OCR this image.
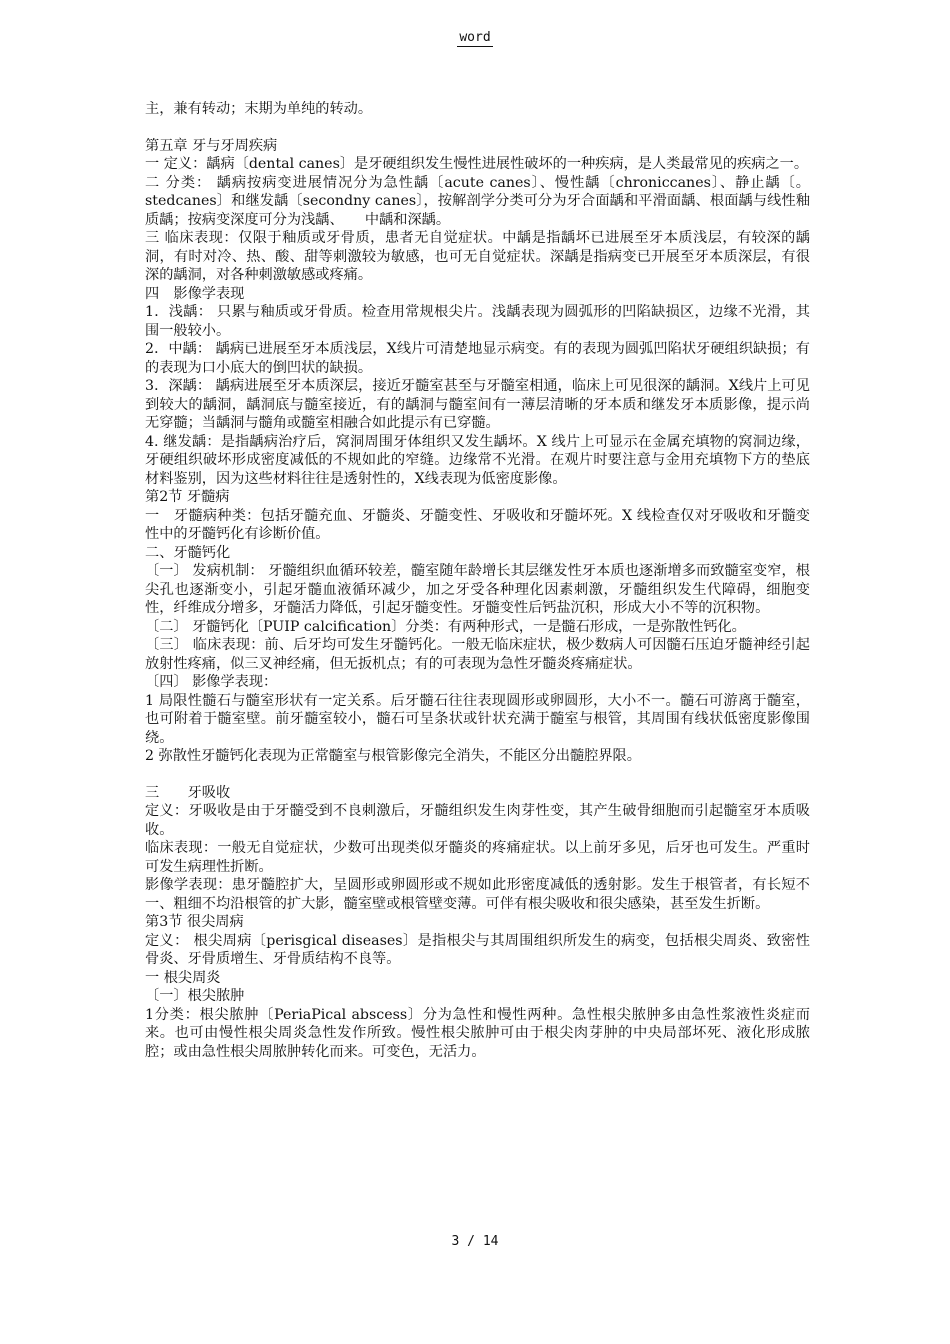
word

主，兼有转动；末期为单纯的转动。

第五章 牙与牙周疾病

一 定义：龋病〔dental canes〕是牙硬组织发生慢性进展性破坏的一种疾病，是人类最常见的疾病之一。

二 分类： 龋病按病变进展情况分为急性龋〔acute canes〕、慢性龋〔chroniccanes〕、静止龋〔。stedcanes〕和继发龋〔secondny canes〕，按解剖学分类可分为牙合面龋和平滑面龋、根面龋与线性釉质龋；按病变深度可分为浅龋、　　中龋和深龋。

三 临床表现：仅限于釉质或牙骨质，患者无自觉症状。中龋是指龋坏已进展至牙本质浅层，有较深的龋洞，有时对冷、热、酸、甜等刺激较为敏感，也可无自觉症状。深龋是指病变已开展至牙本质深层，有很深的龋洞，对各种刺激敏感或疼痛。

四　影像学表现

1．浅龋： 只累与釉质或牙骨质。检查用常规根尖片。浅龋表现为圆弧形的凹陷缺损区，边缘不光滑，其围一般较小。

2．中龋： 龋病已进展至牙本质浅层，X线片可清楚地显示病变。有的表现为圆弧凹陷状牙硬组织缺损；有的表现为口小底大的倒凹状的缺损。

3．深龋： 龋病进展至牙本质深层，接近牙髓室甚至与牙髓室相通，临床上可见很深的龋洞。X线片上可见到较大的龋洞，龋洞底与髓室接近，有的龋洞与髓室间有一薄层清晰的牙本质和继发牙本质影像，提示尚无穿髓；当龋洞与髓角或髓室相融合如此提示有已穿髓。

4. 继发龋：是指龋病治疗后，窝洞周围牙体组织又发生龋坏。X 线片上可显示在金属充填物的窝洞边缘，牙硬组织破坏形成密度减低的不规如此的窄缝。边缘常不光滑。在观片时要注意与金用充填物下方的垫底材料鉴别，因为这些材料往往是透射性的，X线表现为低密度影像。

第2节 牙髓病

一　牙髓病种类：包括牙髓充血、牙髓炎、牙髓变性、牙吸收和牙髓坏死。X 线检查仅对牙吸收和牙髓变性中的牙髓钙化有诊断价值。

二、牙髓钙化

〔一〕 发病机制： 牙髓组织血循环较差，髓室随年龄增长其层继发性牙本质也逐渐增多而致髓室变窄，根尖孔也逐渐变小，引起牙髓血液循环减少，加之牙受各种理化因素刺激，牙髓组织发生代障碍，细胞变性，纤维成分增多，牙髓活力降低，引起牙髓变性。牙髓变性后钙盐沉积，形成大小不等的沉积物。

〔二〕 牙髓钙化〔PUIP calcification〕分类：有两种形式，一是髓石形成，一是弥散性钙化。

〔三〕 临床表现：前、后牙均可发生牙髓钙化。一般无临床症状，极少数病人可因髓石压迫牙髓神经引起放射性疼痛，似三叉神经痛，但无扳机点；有的可表现为急性牙髓炎疼痛症状。

〔四〕 影像学表现：

1 局限性髓石与髓室形状有一定关系。后牙髓石往往表现圆形或卵圆形，大小不一。髓石可游离于髓室，也可附着于髓室壁。前牙髓室较小，髓石可呈条状或针状充满于髓室与根管，其周围有线状低密度影像围绕。

2 弥散性牙髓钙化表现为正常髓室与根管影像完全消失，不能区分出髓腔界限。

三　　牙吸收

定义：牙吸收是由于牙髓受到不良刺激后，牙髓组织发生肉芽性变，其产生破骨细胞而引起髓室牙本质吸收。

临床表现：一般无自觉症状，少数可出现类似牙髓炎的疼痛症状。以上前牙多见，后牙也可发生。严重时可发生病理性折断。

影像学表现：患牙髓腔扩大，呈圆形或卵圆形或不规如此形密度减低的透射影。发生于根管者，有长短不一、粗细不均沿根管的扩大影，髓室壁或根管壁变薄。可伴有根尖吸收和很尖感染，甚至发生折断。

第3节 很尖周病

定义： 根尖周病〔perisgical diseases〕是指根尖与其周围组织所发生的病变，包括根尖周炎、致密性骨炎、牙骨质增生、牙骨质结构不良等。

一 根尖周炎

〔一〕根尖脓肿

1分类：根尖脓肿〔PeriaPical abscess〕分为急性和慢性两种。急性根尖脓肿多由急性浆液性炎症而来。也可由慢性根尖周炎急性发作所致。慢性根尖脓肿可由于根尖肉芽肿的中央局部坏死、液化形成脓腔；或由急性根尖周脓肿转化而来。可变色，无活力。

3 / 14
